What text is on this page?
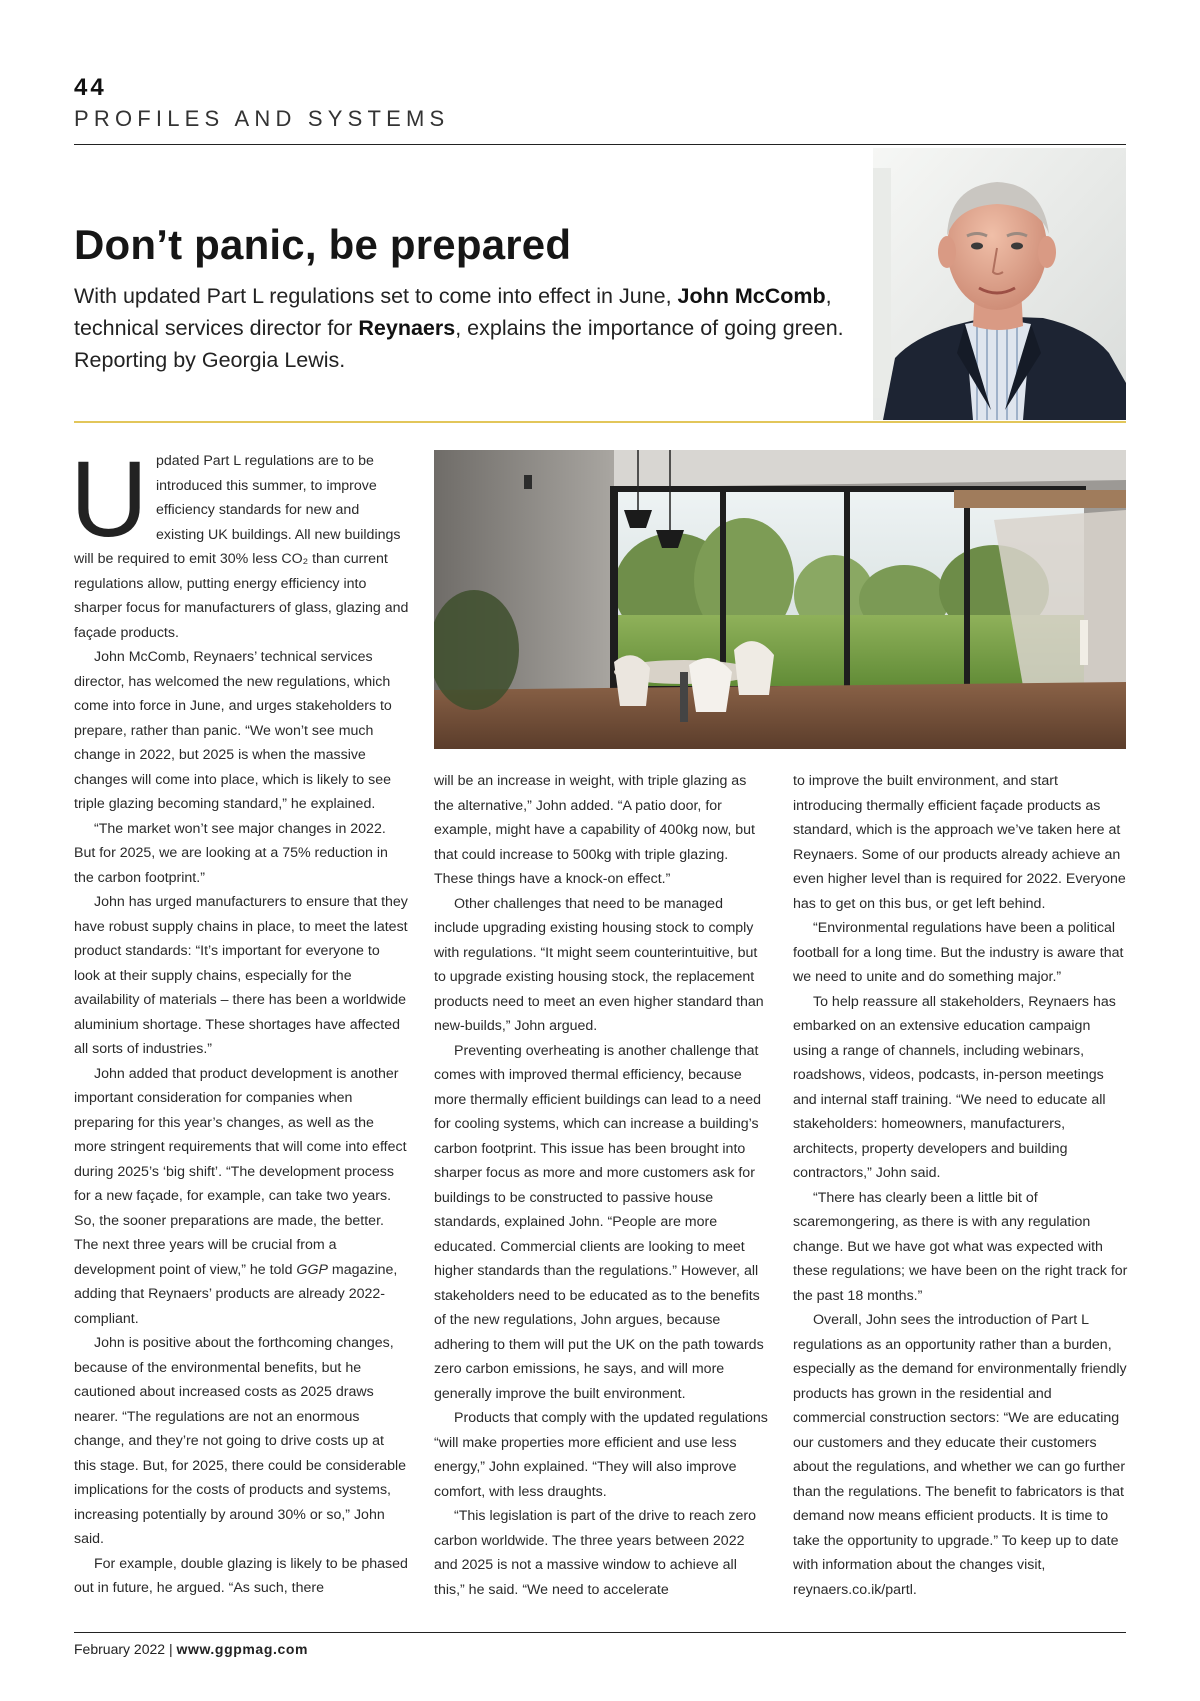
44
PROFILES AND SYSTEMS
Don’t panic, be prepared

With updated Part L regulations set to come into effect in June, John McComb, technical services director for Reynaers, explains the importance of going green. Reporting by Georgia Lewis.

U pdated Part L regulations are to be introduced this summer, to improve efficiency standards for new and existing UK buildings. All new buildings will be required to emit 30% less CO₂ than current regulations allow, putting energy efficiency into sharper focus for manufacturers of glass, glazing and façade products.

John McComb, Reynaers’ technical services director, has welcomed the new regulations, which come into force in June, and urges stakeholders to prepare, rather than panic. “We won’t see much change in 2022, but 2025 is when the massive changes will come into place, which is likely to see triple glazing becoming standard,” he explained.

“The market won’t see major changes in 2022. But for 2025, we are looking at a 75% reduction in the carbon footprint.”

John has urged manufacturers to ensure that they have robust supply chains in place, to meet the latest product standards: “It’s important for everyone to look at their supply chains, especially for the availability of materials – there has been a worldwide aluminium shortage. These shortages have affected all sorts of industries.”

John added that product development is another important consideration for companies when preparing for this year’s changes, as well as the more stringent requirements that will come into effect during 2025’s ‘big shift’. “The development process for a new façade, for example, can take two years. So, the sooner preparations are made, the better. The next three years will be crucial from a development point of view,” he told GGP magazine, adding that Reynaers’ products are already 2022-compliant.

John is positive about the forthcoming changes, because of the environmental benefits, but he cautioned about increased costs as 2025 draws nearer. “The regulations are not an enormous change, and they’re not going to drive costs up at this stage. But, for 2025, there could be considerable implications for the costs of products and systems, increasing potentially by around 30% or so,” John said.

For example, double glazing is likely to be phased out in future, he argued. “As such, there

will be an increase in weight, with triple glazing as the alternative,” John added. “A patio door, for example, might have a capability of 400kg now, but that could increase to 500kg with triple glazing. These things have a knock-on effect.”

Other challenges that need to be managed include upgrading existing housing stock to comply with regulations. “It might seem counterintuitive, but to upgrade existing housing stock, the replacement products need to meet an even higher standard than new-builds,” John argued.

Preventing overheating is another challenge that comes with improved thermal efficiency, because more thermally efficient buildings can lead to a need for cooling systems, which can increase a building’s carbon footprint. This issue has been brought into sharper focus as more and more customers ask for buildings to be constructed to passive house standards, explained John. “People are more educated. Commercial clients are looking to meet higher standards than the regulations.” However, all stakeholders need to be educated as to the benefits of the new regulations, John argues, because adhering to them will put the UK on the path towards zero carbon emissions, he says, and will more generally improve the built environment.

Products that comply with the updated regulations “will make properties more efficient and use less energy,” John explained. “They will also improve comfort, with less draughts.

“This legislation is part of the drive to reach zero carbon worldwide. The three years between 2022 and 2025 is not a massive window to achieve all this,” he said. “We need to accelerate

to improve the built environment, and start introducing thermally efficient façade products as standard, which is the approach we’ve taken here at Reynaers. Some of our products already achieve an even higher level than is required for 2022. Everyone has to get on this bus, or get left behind.

“Environmental regulations have been a political football for a long time. But the industry is aware that we need to unite and do something major.”

To help reassure all stakeholders, Reynaers has embarked on an extensive education campaign using a range of channels, including webinars, roadshows, videos, podcasts, in-person meetings and internal staff training. “We need to educate all stakeholders: homeowners, manufacturers, architects, property developers and building contractors,” John said.

“There has clearly been a little bit of scaremongering, as there is with any regulation change. But we have got what was expected with these regulations; we have been on the right track for the past 18 months.”

Overall, John sees the introduction of Part L regulations as an opportunity rather than a burden, especially as the demand for environmentally friendly products has grown in the residential and commercial construction sectors: “We are educating our customers and they educate their customers about the regulations, and whether we can go further than the regulations. The benefit to fabricators is that demand now means efficient products. It is time to take the opportunity to upgrade.” To keep up to date with information about the changes visit, reynaers.co.ik/partl.

February 2022 | www.ggpmag.com
